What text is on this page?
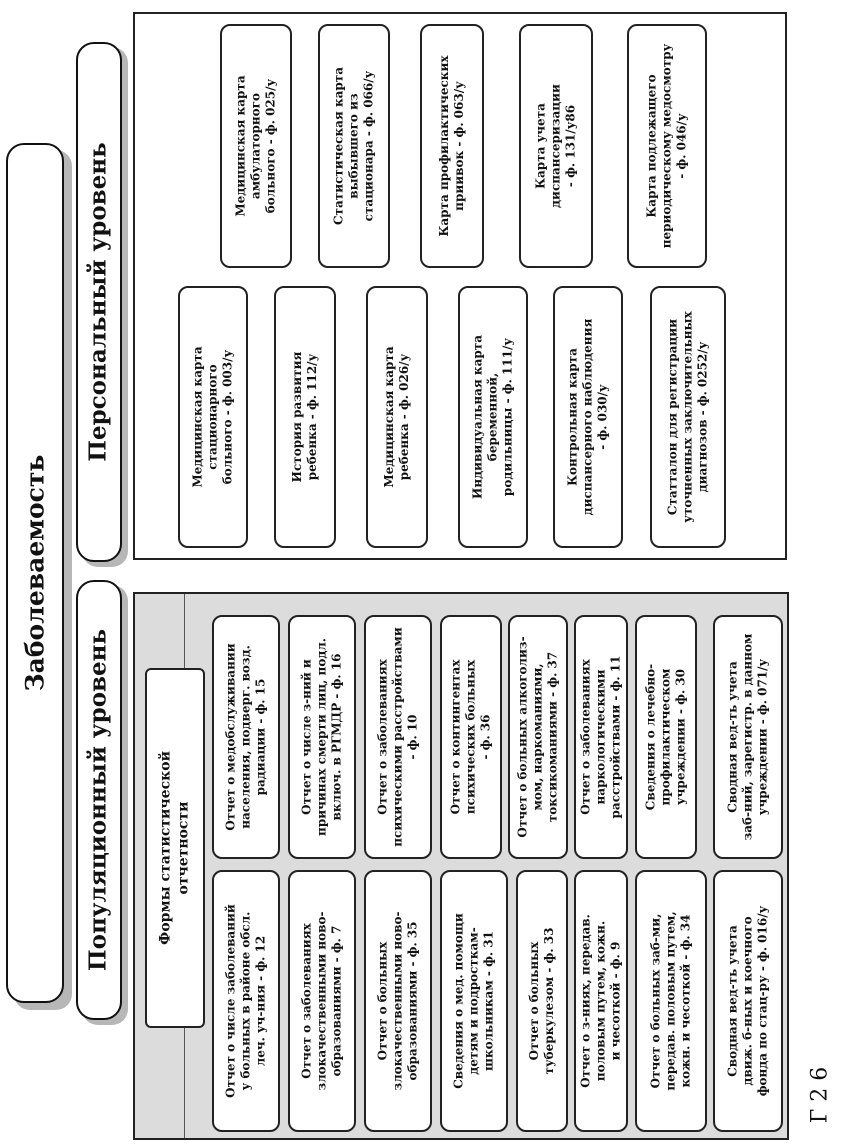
Заболеваемость
Популяционный уровень
Персональный уровень
Формы статистической
отчетности
Отчет о числе заболеваний
у больных в районе обсл.
леч. уч-ния - ф. 12
Отчет о заболеваниях
злокачественными ново-
образованиями - ф. 7
Отчет о больных
злокачественными ново-
образованиями - ф. 35
Сведения о мед. помощи
детям и подросткам-
школьникам - ф. 31
Отчет о больных
туберкулезом - ф. 33
Отчет о з-ниях, передав.
половым путем, кожн.
и чесоткой - ф. 9
Отчет о больных заб-ми,
передав. половым путем,
кожн. и чесоткой - ф. 34
Сводная вед-ть учета
движ. б-ных и коечного
фонда по стац-ру - ф. 016/у
Отчет о медобслуживании
населения, подверг. возд.
радиации - ф. 15
Отчет о числе з-ний и
причинах смерти лиц, подл.
включ. в РГМДР - ф. 16
Отчет о заболеваниях
психическими расстройствами
- ф. 10
Отчет о контингентах
психических больных
- ф. 36
Отчет о больных алкоголиз-
мом, наркоманиями,
токсикоманиями - ф. 37
Отчет о заболеваниях
наркологическими
расстройствами - ф. 11
Сведения о лечебно-
профилактическом
учреждении - ф. 30
Сводная вед-ть учета
заб-ний, зарегистр. в данном
учреждении - ф. 071/у
Медицинская карта
стационарного
больного - ф. 003/у
История развития
ребенка - ф. 112/у
Медицинская карта
ребенка - ф. 026/у
Индивидуальная карта
беременной,
родильницы - ф. 111/у
Контрольная карта
диспансерного наблюдения
- ф. 030/у
Статталон для регистрации
уточненных заключительных
диагнозов - ф. 0252/у
Медицинская карта
амбулаторного
больного - ф. 025/у
Статистическая карта
выбывшего из
стационара - ф. 066/у
Карта профилактических
приивок - ф. 063/у
Карта учета
диспансеризации
- ф. 131/у86
Карта подлежащего
периодическому медосмотру
- ф. 046/у
Г 2 6
